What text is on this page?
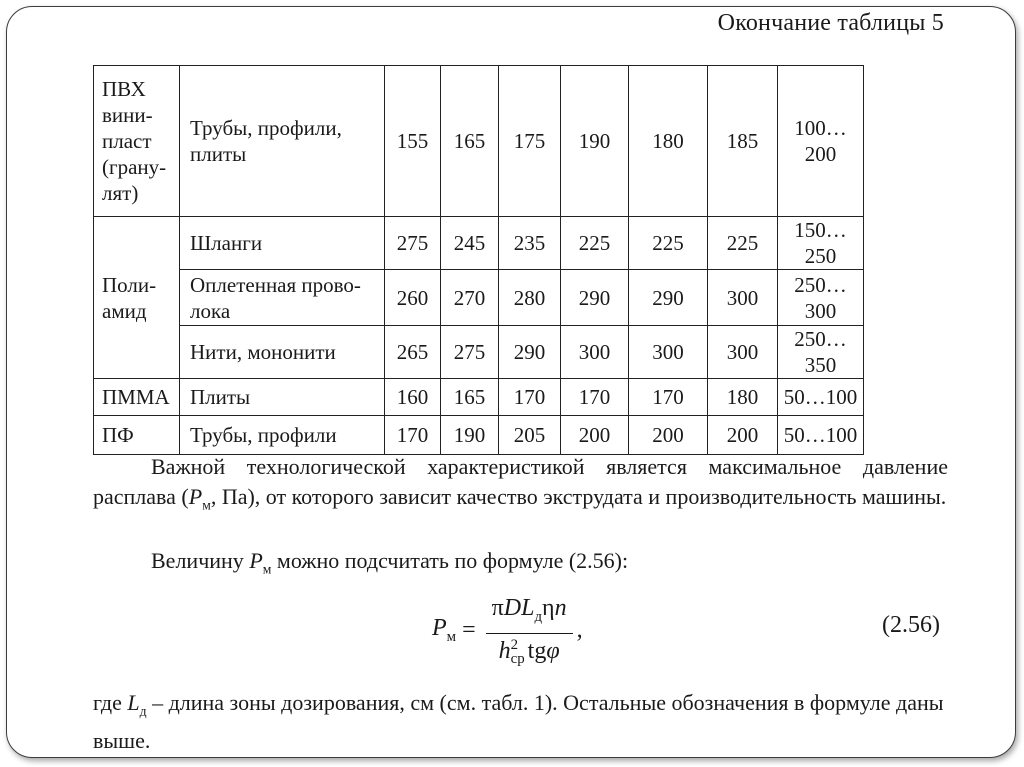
Окончание таблицы 5
ПВХ вини-пласт (грану-лят)	Трубы, профили, плиты	155	165	175	190	180	185	100…200
Поли-амид	Шланги	275	245	235	225	225	225	150…250
	Оплетенная прово-лока	260	270	280	290	290	300	250…300
	Нити, мононити	265	275	290	300	300	300	250…350
ПММА	Плиты	160	165	170	170	170	180	50…100
ПФ	Трубы, профили	170	190	205	200	200	200	50…100

Важной технологической характеристикой является максимальное давление расплава ($P_м$, Па), от которого зависит качество экструдата и производительность машины.

Величину $P_м$ можно подсчитать по формуле (2.56):

$P_м = \pi DL_д\eta n$
h 2
ср tgφ ,	(2.56)

где $L_д$ – длина зоны дозирования, см (см. табл. 1). Остальные обозначения в формуле даны выше.
